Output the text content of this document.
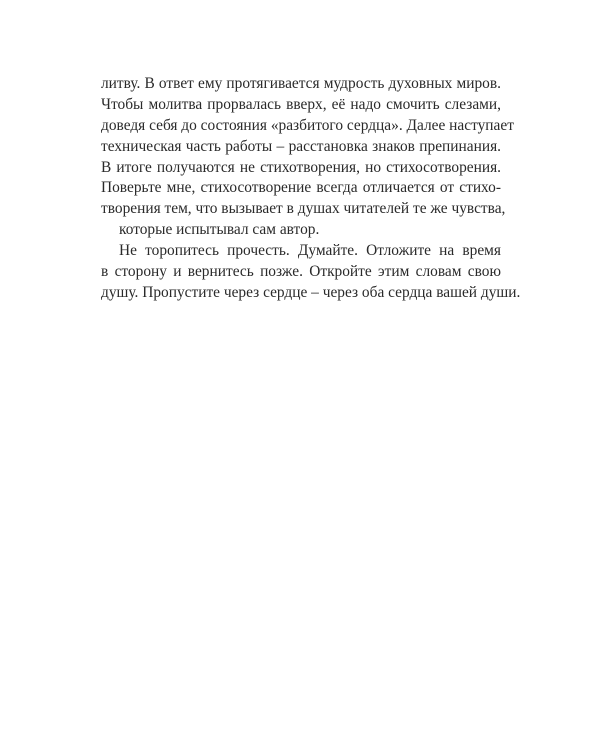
литву. В ответ ему протягивается мудрость духовных миров.
Чтобы молитва прорвалась вверх, её надо смочить слезами,
доведя себя до состояния «разбитого сердца». Далее наступает
техническая часть работы – расстановка знаков препинания.
В итоге получаются не стихотворения, но стихосотворения.
Поверьте мне, стихосотворение всегда отличается от стихо-
творения тем, что вызывает в душах читателей те же чувства,
которые испытывал сам автор.
Не торопитесь прочесть. Думайте. Отложите на время
в сторону и вернитесь позже. Откройте этим словам свою
душу. Пропустите через сердце – через оба сердца вашей души.
